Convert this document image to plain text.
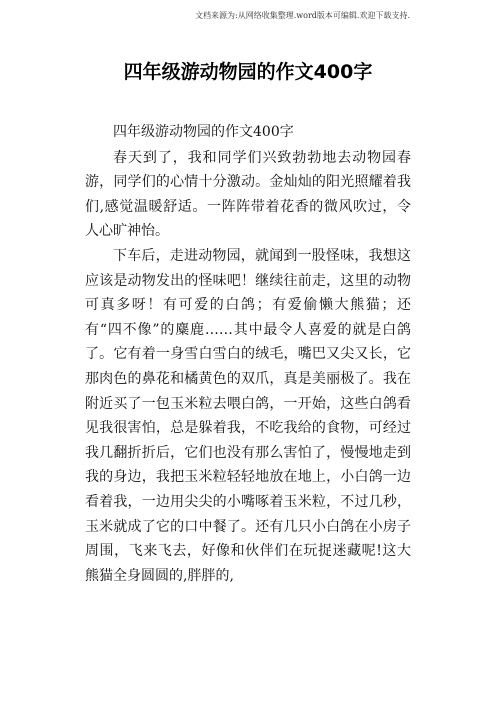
文档来源为:从网络收集整理.word版本可编辑.欢迎下载支持.
四年级游动物园的作文400字

四年级游动物园的作文400字

春天到了，我和同学们兴致勃勃地去动物园春游，同学们的心情十分激动。金灿灿的阳光照耀着我们,感觉温暖舒适。一阵阵带着花香的微风吹过，令人心旷神怡。

下车后，走进动物园，就闻到一股怪味，我想这应该是动物发出的怪味吧！继续往前走，这里的动物可真多呀！有可爱的白鸽；有爱偷懒大熊猫；还有“四不像”的麋鹿……其中最令人喜爱的就是白鸽了。它有着一身雪白雪白的绒毛，嘴巴又尖又长，它那肉色的鼻花和橘黄色的双爪，真是美丽极了。我在附近买了一包玉米粒去喂白鸽，一开始，这些白鸽看见我很害怕，总是躲着我，不吃我给的食物，可经过我几翻折折后，它们也没有那么害怕了，慢慢地走到我的身边，我把玉米粒轻轻地放在地上，小白鸽一边看着我，一边用尖尖的小嘴啄着玉米粒，不过几秒，玉米就成了它的口中餐了。还有几只小白鸽在小房子周围，飞来飞去，好像和伙伴们在玩捉迷藏呢!这大熊猫全身圆圆的,胖胖的,
